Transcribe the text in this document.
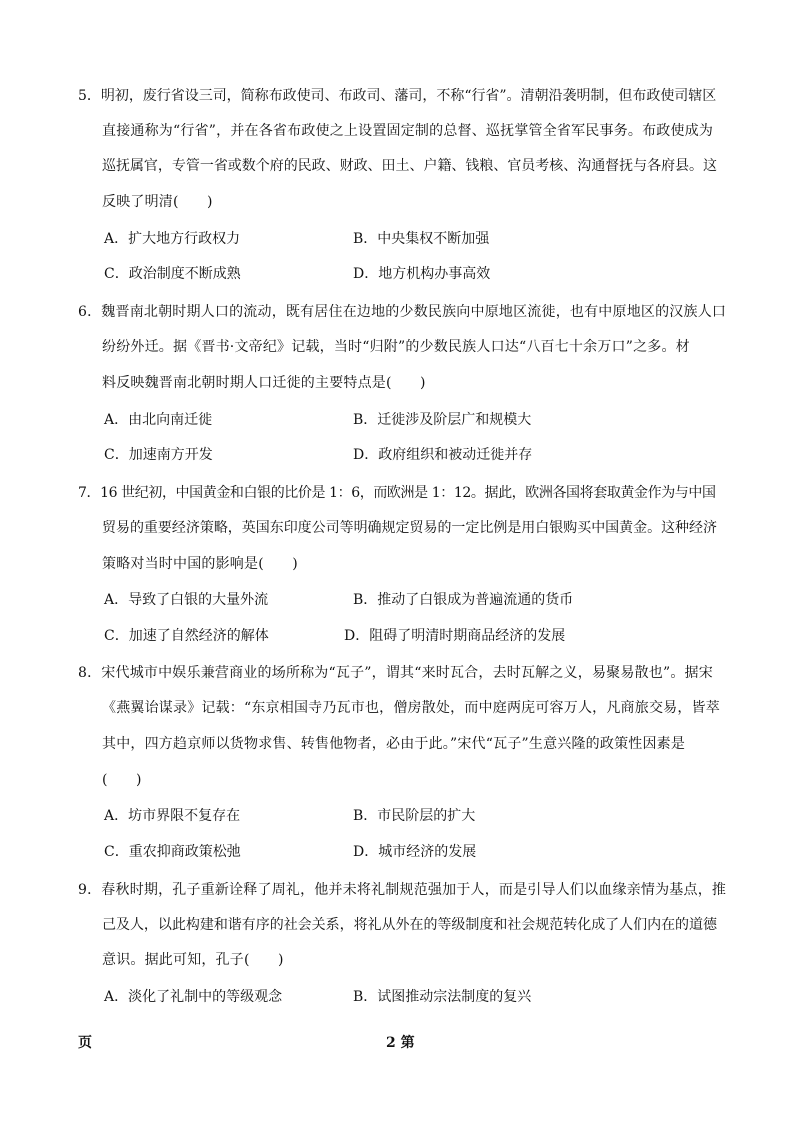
5．明初，废行省设三司，简称布政使司、布政司、藩司，不称“行省”。清朝沿袭明制，但布政使司辖区
直接通称为“行省”，并在各省布政使之上设置固定制的总督、巡抚掌管全省军民事务。布政使成为
巡抚属官，专管一省或数个府的民政、财政、田土、户籍、钱粮、官员考核、沟通督抚与各府县。这
反映了明清(　　)
A．扩大地方行政权力	B．中央集权不断加强
C．政治制度不断成熟	D．地方机构办事高效
6．魏晋南北朝时期人口的流动，既有居住在边地的少数民族向中原地区流徙，也有中原地区的汉族人口
纷纷外迁。据《晋书·文帝纪》记载，当时“归附”的少数民族人口达“八百七十余万口”之多。材
料反映魏晋南北朝时期人口迁徙的主要特点是(　　)
A．由北向南迁徙	B．迁徙涉及阶层广和规模大
C．加速南方开发	D．政府组织和被动迁徙并存
7．16 世纪初，中国黄金和白银的比价是 1：6，而欧洲是 1：12。据此，欧洲各国将套取黄金作为与中国
贸易的重要经济策略，英国东印度公司等明确规定贸易的一定比例是用白银购买中国黄金。这种经济
策略对当时中国的影响是(　　)
A．导致了白银的大量外流	B．推动了白银成为普遍流通的货币
C．加速了自然经济的解体	D．阻碍了明清时期商品经济的发展
8．宋代城市中娱乐兼营商业的场所称为“瓦子”，谓其“来时瓦合，去时瓦解之义，易聚易散也”。据宋
《燕翼诒谋录》记载：“东京相国寺乃瓦市也，僧房散处，而中庭两庑可容万人，凡商旅交易，皆萃
其中，四方趋京师以货物求售、转售他物者，必由于此。”宋代“瓦子”生意兴隆的政策性因素是
(　　)
A．坊市界限不复存在	B．市民阶层的扩大
C．重农抑商政策松弛	D．城市经济的发展
9．春秋时期，孔子重新诠释了周礼，他并未将礼制规范强加于人，而是引导人们以血缘亲情为基点，推
己及人，以此构建和谐有序的社会关系，将礼从外在的等级制度和社会规范转化成了人们内在的道德
意识。据此可知，孔子(　　)
A．淡化了礼制中的等级观念	B．试图推动宗法制度的复兴
页	2 第
